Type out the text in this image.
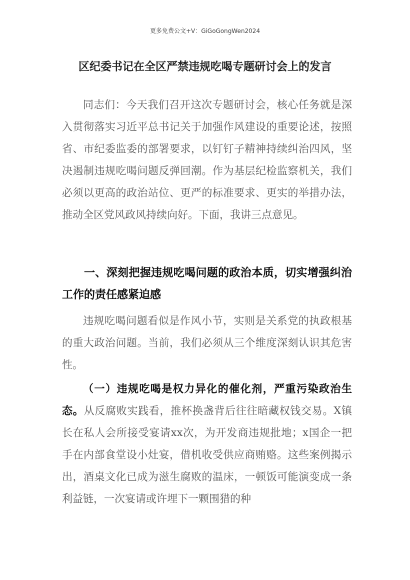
更多免费公文+V：GiGoGongWen2024
区纪委书记在全区严禁违规吃喝专题研讨会上的发言

同志们：今天我们召开这次专题研讨会，核心任务就是深入贯彻落实习近平总书记关于加强作风建设的重要论述，按照省、市纪委监委的部署要求，以钉钉子精神持续纠治四风，坚决遏制违规吃喝问题反弹回潮。作为基层纪检监察机关，我们必须以更高的政治站位、更严的标准要求、更实的举措办法，推动全区党风政风持续向好。下面，我讲三点意见。

一、深刻把握违规吃喝问题的政治本质，切实增强纠治工作的责任感紧迫感

违规吃喝问题看似是作风小节，实则是关系党的执政根基的重大政治问题。当前，我们必须从三个维度深刻认识其危害性。

（一）违规吃喝是权力异化的催化剂，严重污染政治生态。从反腐败实践看，推杯换盏背后往往暗藏权钱交易。X镇长在私人会所接受宴请xx次，为开发商违规批地；x国企一把手在内部食堂设小灶宴，借机收受供应商贿赂。这些案例揭示出，酒桌文化已成为滋生腐败的温床，一顿饭可能演变成一条利益链，一次宴请或许埋下一颗围猎的种
